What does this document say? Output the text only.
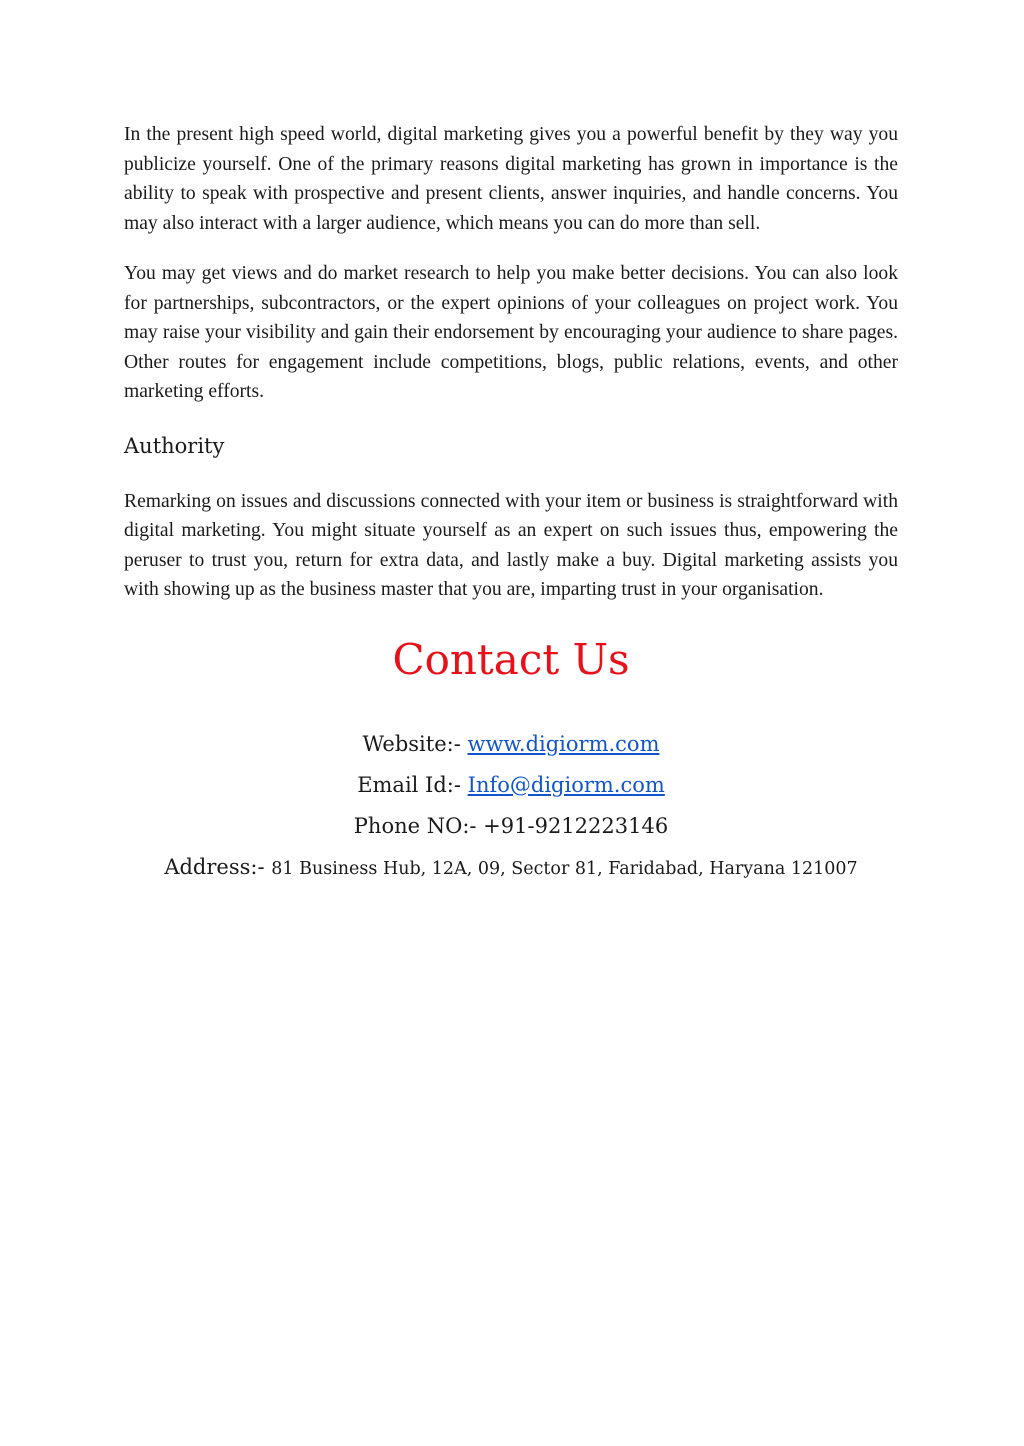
In the present high speed world, digital marketing gives you a powerful benefit by they way you publicize yourself. One of the primary reasons digital marketing has grown in importance is the ability to speak with prospective and present clients, answer inquiries, and handle concerns. You may also interact with a larger audience, which means you can do more than sell.

You may get views and do market research to help you make better decisions. You can also look for partnerships, subcontractors, or the expert opinions of your colleagues on project work. You may raise your visibility and gain their endorsement by encouraging your audience to share pages. Other routes for engagement include competitions, blogs, public relations, events, and other marketing efforts.

Authority

Remarking on issues and discussions connected with your item or business is straightforward with digital marketing. You might situate yourself as an expert on such issues thus, empowering the peruser to trust you, return for extra data, and lastly make a buy. Digital marketing assists you with showing up as the business master that you are, imparting trust in your organisation.

Contact Us
Website:- www.digiorm.com
Email Id:- Info@digiorm.com
Phone NO:- +91-9212223146
Address:- 81 Business Hub, 12A, 09, Sector 81, Faridabad, Haryana 121007
